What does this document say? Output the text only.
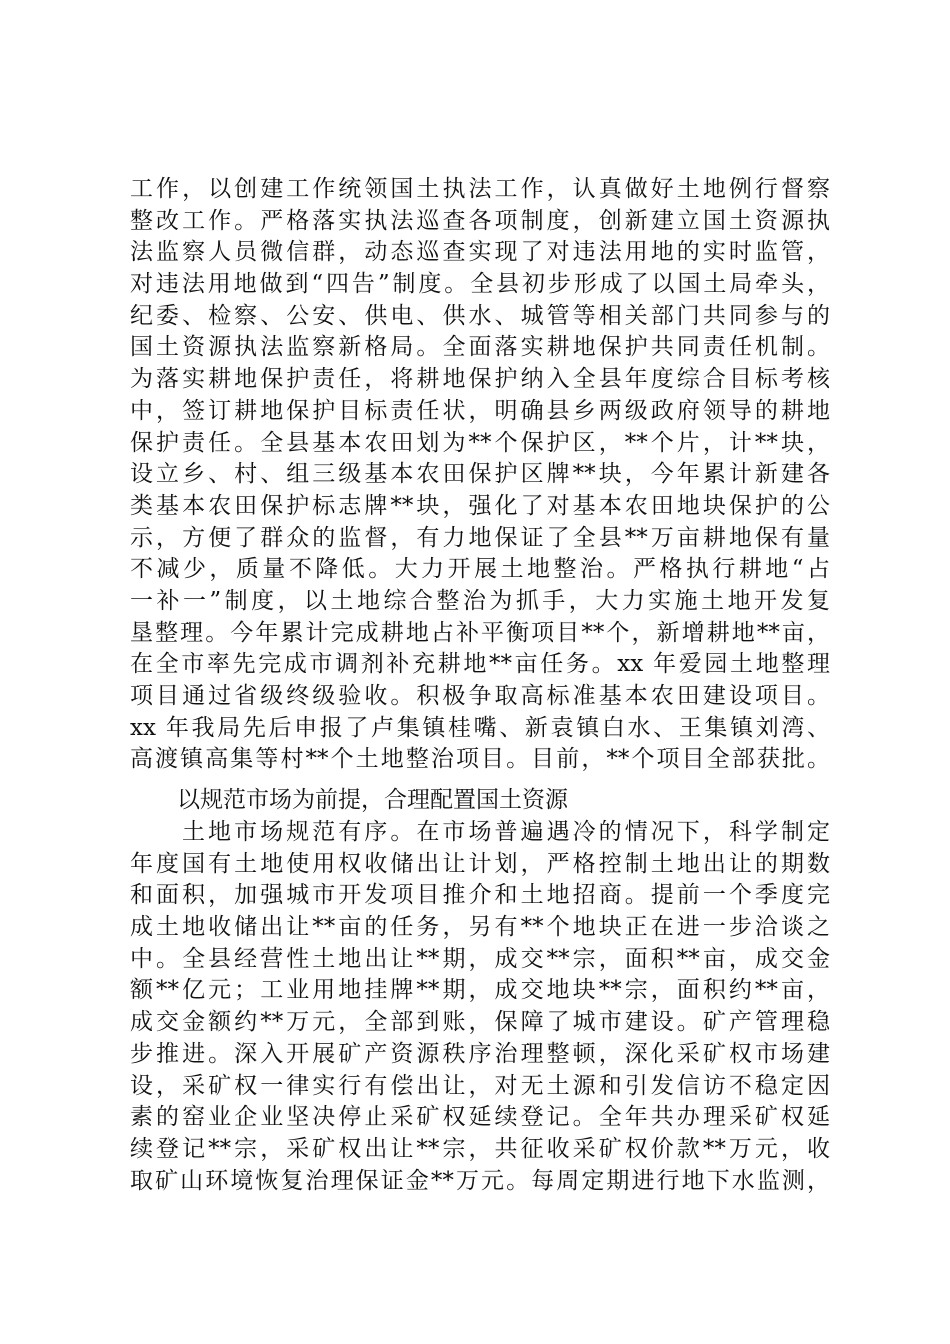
工作，以创建工作统领国土执法工作，认真做好土地例行督察
整改工作。严格落实执法巡查各项制度，创新建立国土资源执
法监察人员微信群，动态巡查实现了对违法用地的实时监管，
对违法用地做到“四告”制度。全县初步形成了以国土局牵头，
纪委、检察、公安、供电、供水、城管等相关部门共同参与的
国土资源执法监察新格局。全面落实耕地保护共同责任机制。
为落实耕地保护责任，将耕地保护纳入全县年度综合目标考核
中，签订耕地保护目标责任状，明确县乡两级政府领导的耕地
保护责任。全县基本农田划为**个保护区，**个片，计**块，
设立乡、村、组三级基本农田保护区牌**块，今年累计新建各
类基本农田保护标志牌**块，强化了对基本农田地块保护的公
示，方便了群众的监督，有力地保证了全县**万亩耕地保有量
不减少，质量不降低。大力开展土地整治。严格执行耕地“占
一补一”制度，以土地综合整治为抓手，大力实施土地开发复
垦整理。今年累计完成耕地占补平衡项目**个，新增耕地**亩，
在全市率先完成市调剂补充耕地**亩任务。xx 年爱园土地整理
项目通过省级终级验收。积极争取高标准基本农田建设项目。
xx 年我局先后申报了卢集镇桂嘴、新袁镇白水、王集镇刘湾、
高渡镇高集等村**个土地整治项目。目前，**个项目全部获批。
以规范市场为前提，合理配置国土资源
土地市场规范有序。在市场普遍遇冷的情况下，科学制定
年度国有土地使用权收储出让计划，严格控制土地出让的期数
和面积，加强城市开发项目推介和土地招商。提前一个季度完
成土地收储出让**亩的任务，另有**个地块正在进一步洽谈之
中。全县经营性土地出让**期，成交**宗，面积**亩，成交金
额**亿元；工业用地挂牌**期，成交地块**宗，面积约**亩，
成交金额约**万元，全部到账，保障了城市建设。矿产管理稳
步推进。深入开展矿产资源秩序治理整顿，深化采矿权市场建
设，采矿权一律实行有偿出让，对无土源和引发信访不稳定因
素的窑业企业坚决停止采矿权延续登记。全年共办理采矿权延
续登记**宗，采矿权出让**宗，共征收采矿权价款**万元，收
取矿山环境恢复治理保证金**万元。每周定期进行地下水监测，
